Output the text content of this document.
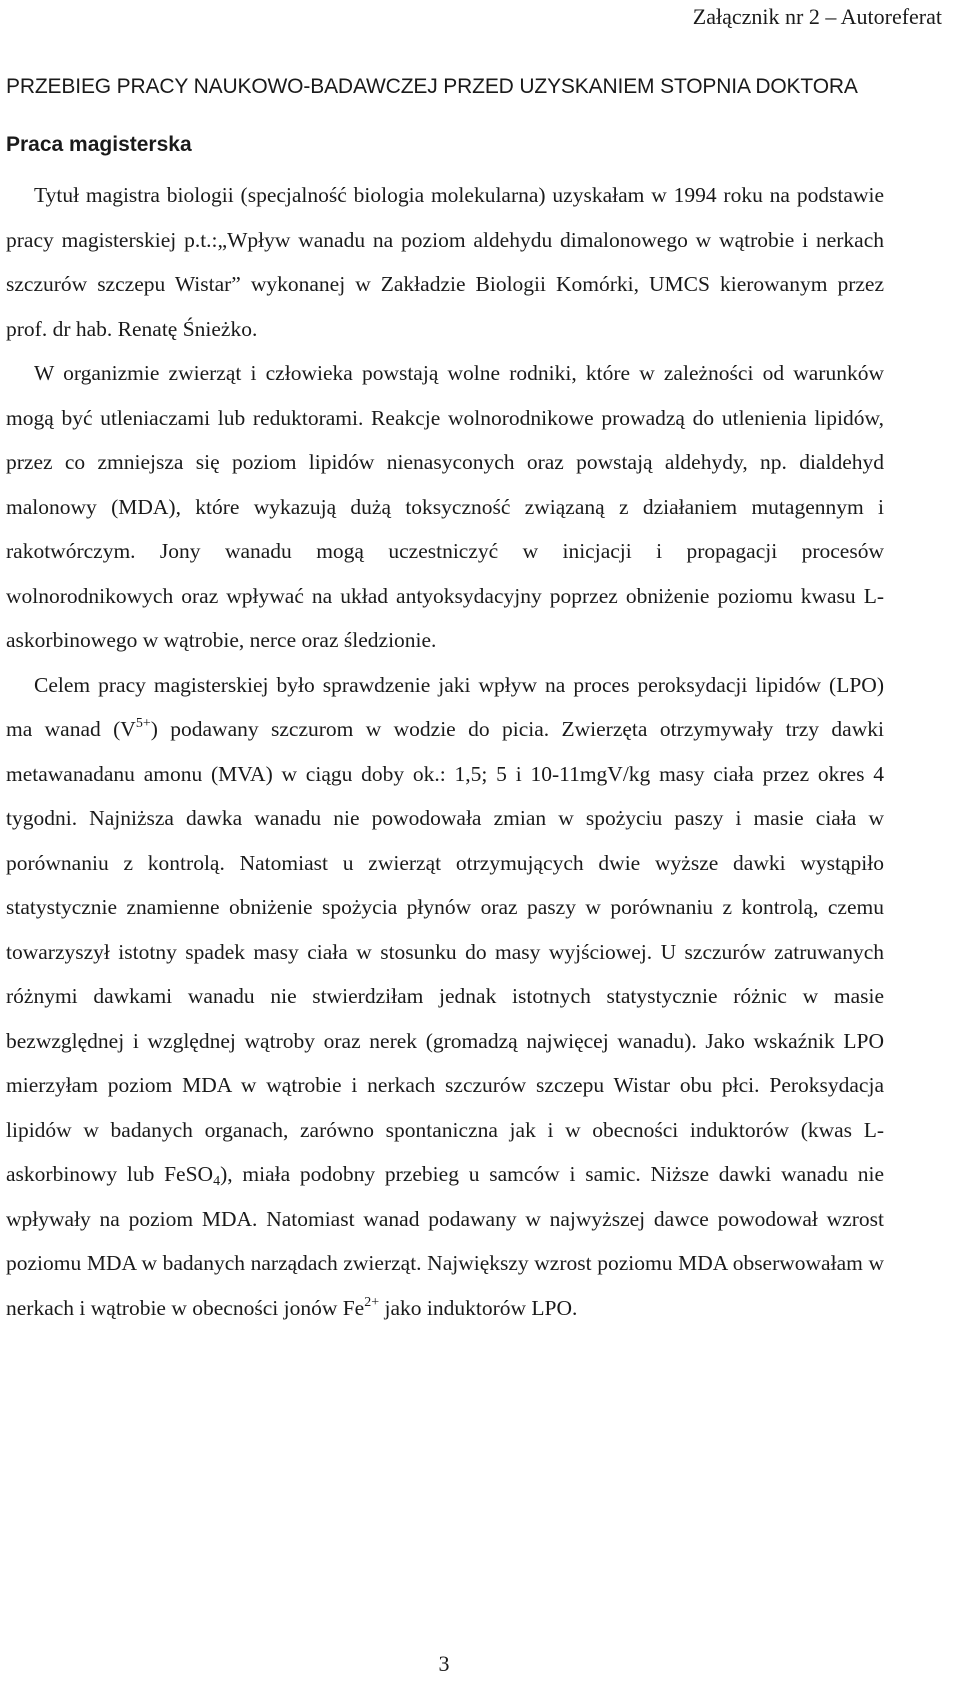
Załącznik nr 2 – Autoreferat
PRZEBIEG PRACY NAUKOWO-BADAWCZEJ PRZED UZYSKANIEM STOPNIA DOKTORA
Praca magisterska

Tytuł magistra biologii (specjalność biologia molekularna) uzyskałam w 1994 roku na podstawie pracy magisterskiej p.t.:„Wpływ wanadu na poziom aldehydu dimalonowego w wątrobie i nerkach szczurów szczepu Wistar” wykonanej w Zakładzie Biologii Komórki, UMCS kierowanym przez prof. dr hab. Renatę Śnieżko.

W organizmie zwierząt i człowieka powstają wolne rodniki, które w zależności od warunków mogą być utleniaczami lub reduktorami. Reakcje wolnorodnikowe prowadzą do utlenienia lipidów, przez co zmniejsza się poziom lipidów nienasyconych oraz powstają aldehydy, np. dialdehyd malonowy (MDA), które wykazują dużą toksyczność związaną z działaniem mutagennym i rakotwórczym. Jony wanadu mogą uczestniczyć w inicjacji i propagacji procesów wolnorodnikowych oraz wpływać na układ antyoksydacyjny poprzez obniżenie poziomu kwasu L-askorbinowego w wątrobie, nerce oraz śledzionie.

Celem pracy magisterskiej było sprawdzenie jaki wpływ na proces peroksydacji lipidów (LPO) ma wanad $(V^{5+})$ podawany szczurom w wodzie do picia. Zwierzęta otrzymywały trzy dawki metawanadanu amonu (MVA) w ciągu doby ok.: 1,5; 5 i 10-11mgV/kg masy ciała przez okres 4 tygodni. Najniższa dawka wanadu nie powodowała zmian w spożyciu paszy i masie ciała w porównaniu z kontrolą. Natomiast u zwierząt otrzymujących dwie wyższe dawki wystąpiło statystycznie znamienne obniżenie spożycia płynów oraz paszy w porównaniu z kontrolą, czemu towarzyszył istotny spadek masy ciała w stosunku do masy wyjściowej. U szczurów zatruwanych różnymi dawkami wanadu nie stwierdziłam jednak istotnych statystycznie różnic w masie bezwzględnej i względnej wątroby oraz nerek (gromadzą najwięcej wanadu). Jako wskaźnik LPO mierzyłam poziom MDA w wątrobie i nerkach szczurów szczepu Wistar obu płci. Peroksydacja lipidów w badanych organach, zarówno spontaniczna jak i w obecności induktorów (kwas L-askorbinowy lub FeSO$_4$), miała podobny przebieg u samców i samic. Niższe dawki wanadu nie wpływały na poziom MDA. Natomiast wanad podawany w najwyższej dawce powodował wzrost poziomu MDA w badanych narządach zwierząt. Największy wzrost poziomu MDA obserwowałam w nerkach i wątrobie w obecności jonów $Fe^{2+}$ jako induktorów LPO.

3
